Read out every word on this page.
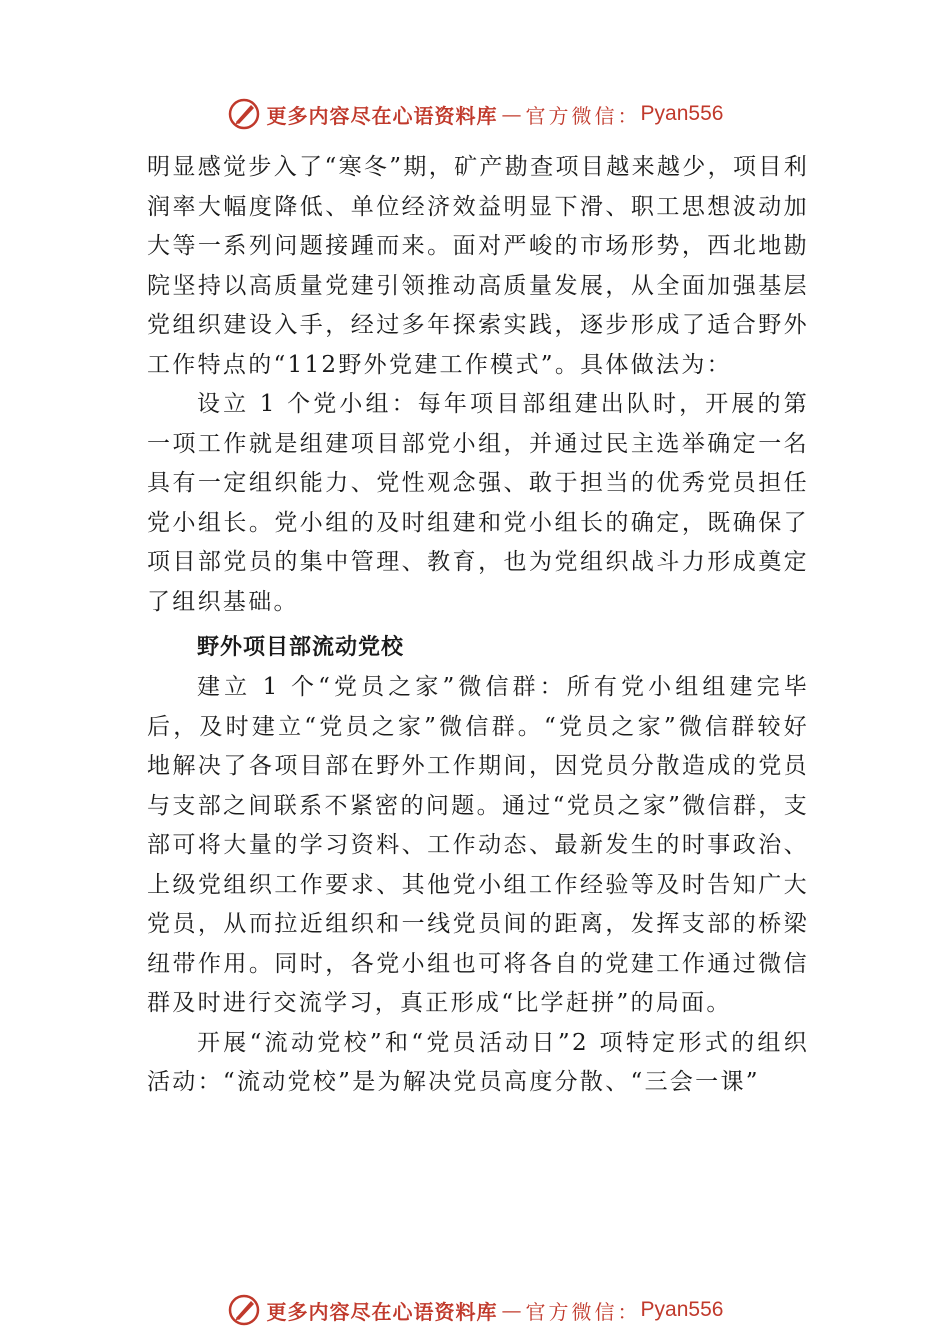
更多内容尽在心语资料库 — 官方微信： Pyan556

明显感觉步入了“寒冬”期，矿产勘查项目越来越少，项目利润率大幅度降低、单位经济效益明显下滑、职工思想波动加大等一系列问题接踵而来。面对严峻的市场形势，西北地勘院坚持以高质量党建引领推动高质量发展，从全面加强基层党组织建设入手，经过多年探索实践，逐步形成了适合野外工作特点的“112野外党建工作模式”。具体做法为：

设立 1 个党小组：每年项目部组建出队时，开展的第一项工作就是组建项目部党小组，并通过民主选举确定一名具有一定组织能力、党性观念强、敢于担当的优秀党员担任党小组长。党小组的及时组建和党小组长的确定，既确保了项目部党员的集中管理、教育，也为党组织战斗力形成奠定了组织基础。

野外项目部流动党校

建立 1 个“党员之家”微信群：所有党小组组建完毕后，及时建立“党员之家”微信群。“党员之家”微信群较好地解决了各项目部在野外工作期间，因党员分散造成的党员与支部之间联系不紧密的问题。通过“党员之家”微信群，支部可将大量的学习资料、工作动态、最新发生的时事政治、上级党组织工作要求、其他党小组工作经验等及时告知广大党员，从而拉近组织和一线党员间的距离，发挥支部的桥梁纽带作用。同时，各党小组也可将各自的党建工作通过微信群及时进行交流学习，真正形成“比学赶拼”的局面。

开展“流动党校”和“党员活动日”2 项特定形式的组织活动：“流动党校”是为解决党员高度分散、“三会一课”

更多内容尽在心语资料库 — 官方微信： Pyan556
